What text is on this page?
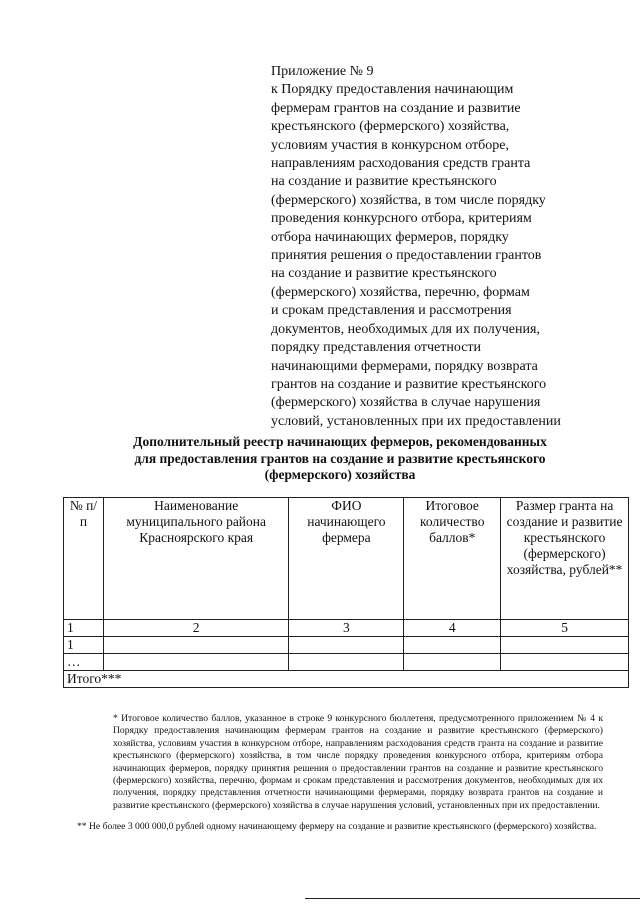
Приложение № 9
к Порядку предоставления начинающим
фермерам грантов на создание и развитие
крестьянского (фермерского) хозяйства,
условиям участия в конкурсном отборе,
направлениям расходования средств гранта
на создание и развитие крестьянского
(фермерского) хозяйства, в том числе порядку
проведения конкурсного отбора, критериям
отбора начинающих фермеров, порядку
принятия решения о предоставлении грантов
на создание и развитие крестьянского
(фермерского) хозяйства, перечню, формам
и срокам представления и рассмотрения
документов, необходимых для их получения,
порядку представления отчетности
начинающими фермерами, порядку возврата
грантов на создание и развитие крестьянского
(фермерского) хозяйства в случае нарушения
условий, установленных при их предоставлении
Дополнительный реестр начинающих фермеров, рекомендованных
для предоставления грантов на создание и развитие крестьянского
(фермерского) хозяйства
№ п/п	Наименование муниципального района Красноярского края	ФИО начинающего фермера	Итоговое количество баллов*	Размер гранта на создание и развитие крестьянского (фермерского) хозяйства, рублей**
1	2	3	4	5
1				
…				
Итого***				
* Итоговое количество баллов, указанное в строке 9 конкурсного бюллетеня, предусмотренного приложением № 4 к Порядку предоставления начинающим фермерам грантов на создание и развитие крестьянского (фермерского) хозяйства, условиям участия в конкурсном отборе, направлениям расходования средств гранта на создание и развитие крестьянского (фермерского) хозяйства, в том числе порядку проведения конкурсного отбора, критериям отбора начинающих фермеров, порядку принятия решения о предоставлении грантов на создание и развитие крестьянского (фермерского) хозяйства, перечню, формам и срокам представления и рассмотрения документов, необходимых для их получения, порядку представления отчетности начинающими фермерами, порядку возврата грантов на создание и развитие крестьянского (фермерского) хозяйства в случае нарушения условий, установленных при их предоставлении.
** Не более 3 000 000,0 рублей одному начинающему фермеру на создание и развитие крестьянского (фермерского) хозяйства.
